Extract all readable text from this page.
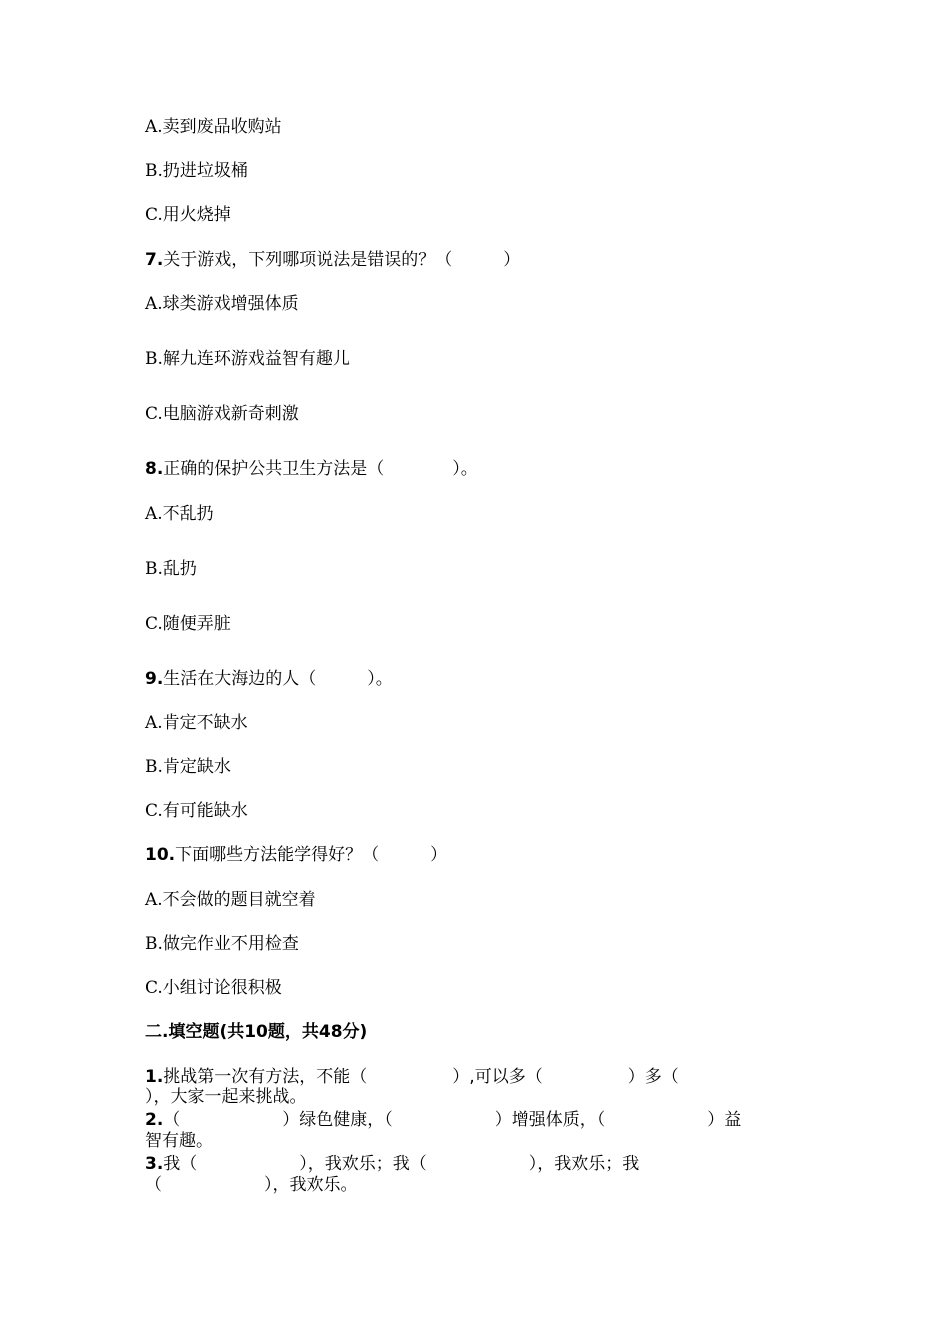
A.卖到废品收购站
B.扔进垃圾桶
C.用火烧掉
7.关于游戏，下列哪项说法是错误的？（　　　）
A.球类游戏增强体质
B.解九连环游戏益智有趣儿
C.电脑游戏新奇刺激
8.正确的保护公共卫生方法是（　　　　）。
A.不乱扔
B.乱扔
C.随便弄脏
9.生活在大海边的人（　　　）。
A.肯定不缺水
B.肯定缺水
C.有可能缺水
10.下面哪些方法能学得好？（　　　）
A.不会做的题目就空着
B.做完作业不用检查
C.小组讨论很积极
二.填空题(共10题，共48分)
1.挑战第一次有方法，不能（　　　　　）,可以多（　　　　　）多（
），大家一起来挑战。
2.（　　　　　　）绿色健康，（　　　　　　）增强体质，（　　　　　　）益
智有趣。
3.我（　　　　　　），我欢乐；我（　　　　　　），我欢乐；我
（　　　　　　），我欢乐。
